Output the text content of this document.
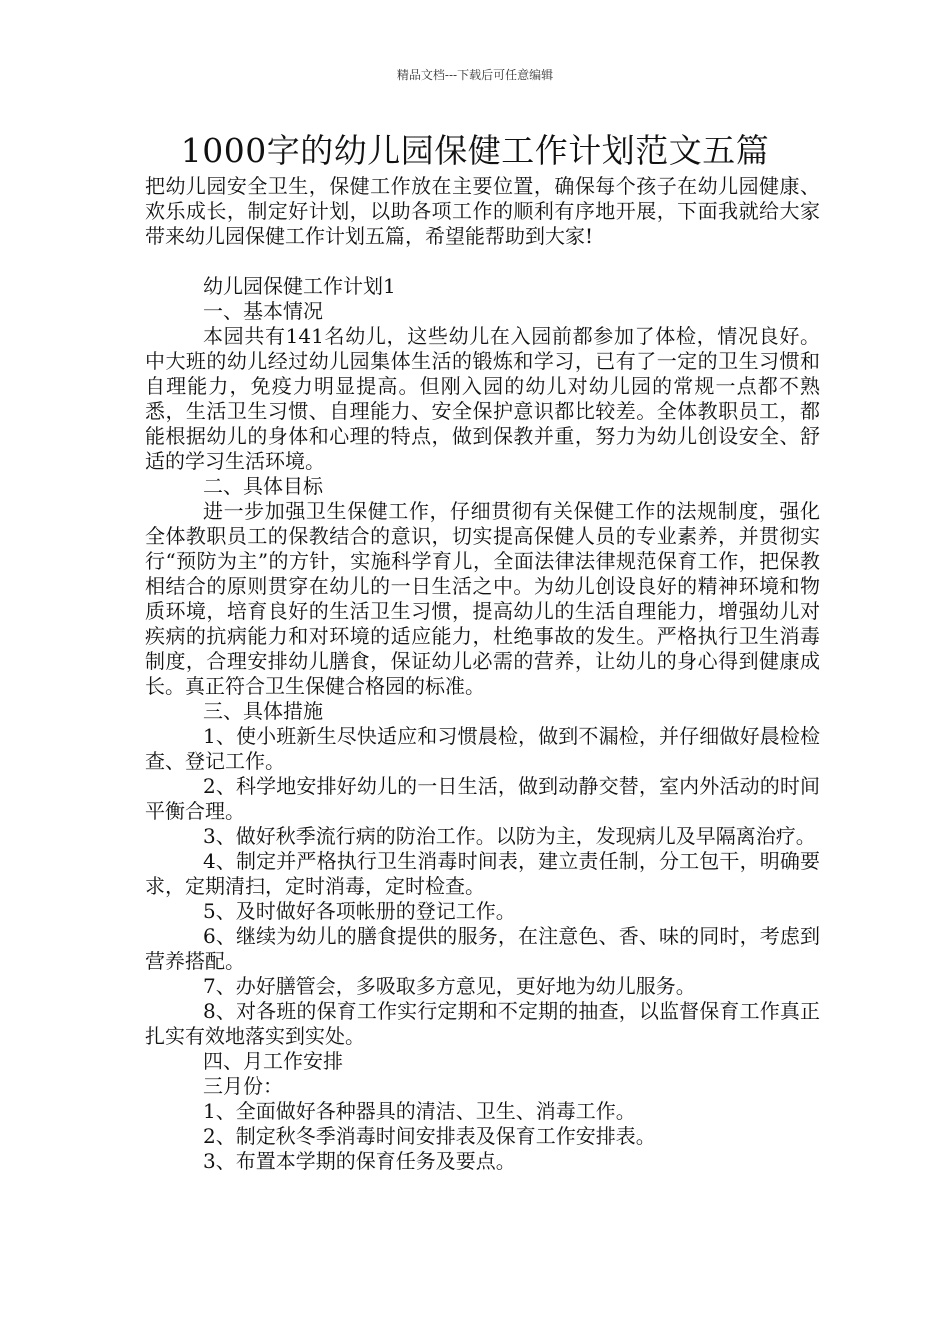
精品文档---下载后可任意编辑
1000字的幼儿园保健工作计划范文五篇

把幼儿园安全卫生，保健工作放在主要位置，确保每个孩子在幼儿园健康、欢乐成长，制定好计划，以助各项工作的顺利有序地开展，下面我就给大家带来幼儿园保健工作计划五篇，希望能帮助到大家!

幼儿园保健工作计划1

一、基本情况

本园共有141名幼儿，这些幼儿在入园前都参加了体检，情况良好。中大班的幼儿经过幼儿园集体生活的锻炼和学习，已有了一定的卫生习惯和自理能力，免疫力明显提高。但刚入园的幼儿对幼儿园的常规一点都不熟悉，生活卫生习惯、自理能力、安全保护意识都比较差。全体教职员工，都能根据幼儿的身体和心理的特点，做到保教并重，努力为幼儿创设安全、舒适的学习生活环境。

二、具体目标

进一步加强卫生保健工作，仔细贯彻有关保健工作的法规制度，强化全体教职员工的保教结合的意识，切实提高保健人员的专业素养，并贯彻实行“预防为主”的方针，实施科学育儿，全面法律法律规范保育工作，把保教相结合的原则贯穿在幼儿的一日生活之中。为幼儿创设良好的精神环境和物质环境，培育良好的生活卫生习惯，提高幼儿的生活自理能力，增强幼儿对疾病的抗病能力和对环境的适应能力，杜绝事故的发生。严格执行卫生消毒制度，合理安排幼儿膳食，保证幼儿必需的营养，让幼儿的身心得到健康成长。真正符合卫生保健合格园的标准。

三、具体措施

1、使小班新生尽快适应和习惯晨检，做到不漏检，并仔细做好晨检检查、登记工作。

2、科学地安排好幼儿的一日生活，做到动静交替，室内外活动的时间平衡合理。

3、做好秋季流行病的防治工作。以防为主，发现病儿及早隔离治疗。

4、制定并严格执行卫生消毒时间表，建立责任制，分工包干，明确要求，定期清扫，定时消毒，定时检查。

5、及时做好各项帐册的登记工作。

6、继续为幼儿的膳食提供的服务，在注意色、香、味的同时，考虑到营养搭配。

7、办好膳管会，多吸取多方意见，更好地为幼儿服务。

8、对各班的保育工作实行定期和不定期的抽查，以监督保育工作真正扎实有效地落实到实处。

四、月工作安排

三月份：

1、全面做好各种器具的清洁、卫生、消毒工作。

2、制定秋冬季消毒时间安排表及保育工作安排表。

3、布置本学期的保育任务及要点。
